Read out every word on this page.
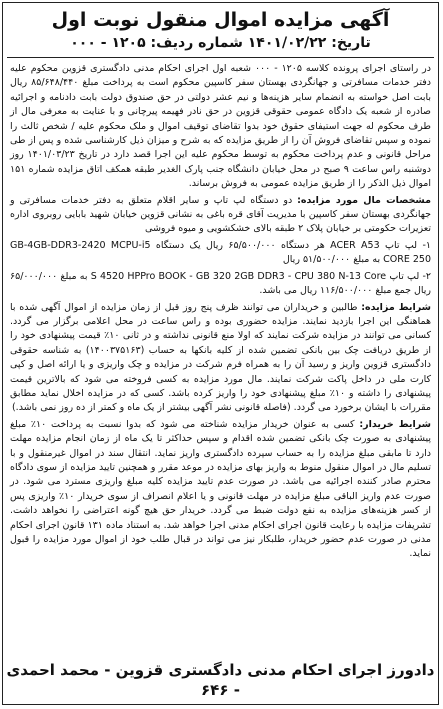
آگهی مزایده اموال منقول نوبت اول
تاریخ: ۱۴۰۱/۰۲/۲۲ شماره ردیف: ۱۲۰۵ - ۰۰۰

در راستای اجرای پرونده کلاسه ۱۲۰۵ - ۰۰۰ شعبه اول اجرای احکام مدنی دادگستری قزوین محکوم علیه دفتر خدمات مسافرتی و جهانگردی بهستان سفر کاسپین محکوم است به پرداخت مبلغ ۸۵/۶۴۸/۴۴۰ ریال بابت اصل خواسته به انضمام سایر هزینه‌ها و نیم عشر دولتی در حق صندوق دولت بابت دادنامه و اجرائیه صادره از شعبه یک دادگاه عمومی حقوقی قزوین در حق نادر فهیمه پیرچانی و با عنایت به معرفی مال از طرف محکوم له جهت استیفای حقوق خود بدوا تقاضای توقیف اموال و ملک محکوم علیه / شخص ثالث را نموده و سپس تقاضای فروش آن را از طریق مزایده که به شرح و میزان ذیل کارشناسی شده و پس از طی مراحل قانونی و عدم پرداخت محکوم به توسط محکوم علیه این اجرا قصد دارد در تاریخ ۱۴۰۱/۰۳/۲۳ روز دوشنبه راس ساعت ۹ صبح در محل خیابان دانشگاه جنب پارک الغدیر طبقه همکف اتاق مزایده شماره ۱۵۱ اموال ذیل الذکر را از طریق مزایده عمومی به فروش برساند.

مشخصات مال مورد مزایده: دو دستگاه لپ تاپ و سایر اقلام متعلق به دفتر خدمات مسافرتی و جهانگردی بهستان سفر کاسپین با مدیریت آقای قره باغی به نشانی قزوین خیابان شهید بابایی روبروی اداره تعزیرات حکومتی بر خیابان پلاک ۲ طبقه بالای خشکشویی و میوه فروشی

۱- لپ تاپ ACER A53 هر دستگاه ۶۵/۵۰۰/۰۰۰ ریال یک دستگاه GB-4GB-DDR3-2420 MCPU-i5 CORE 250 به مبلغ ۵۱/۵۰۰/۰۰۰ ریال

۲- لپ تاپ S 4520 HPPro BOOK - GB 320 2GB DDR3 - CPU 380 N-13 Core به مبلغ ۶۵/۰۰۰/۰۰۰ ریال جمع مبلغ ۱۱۶/۵۰۰/۰۰۰ ریال می باشد.

شرایط مزایده: طالبین و خریداران می توانند ظرف پنج روز قبل از زمان مزایده از اموال آگهی شده با هماهنگی این اجرا بازدید نمایند. مزایده حضوری بوده و راس ساعت در محل اعلامی برگزار می گردد. کسانی می توانند در مزایده شرکت نمایند که اولا منع قانونی نداشته و در ثانی ۱۰٪ قیمت پیشنهادی خود را از طریق دریافت چک بین بانکی تضمین شده از کلیه بانکها به حساب (۱۴۰۰۳۷۵۱۶۳) به شناسه حقوقی دادگستری قزوین واریز و رسید آن را به همراه فرم شرکت در مزایده و چک واریزی و یا ارائه اصل و کپی کارت ملی در داخل پاکت شرکت نمایند. مال مورد مزایده به کسی فروخته می شود که بالاترین قیمت پیشنهادی را داشته و ۱۰٪ مبلغ پیشنهادی خود را واریز کرده باشد. کسی که در مزایده اخلال نماید مطابق مقررات با ایشان برخورد می گردد. (فاصله قانونی نشر آگهی بیشتر از یک ماه و کمتر از ده روز نمی باشد.)

شرایط خریدار: کسی به عنوان خریدار مزایده شناخته می شود که بدوا نسبت به پرداخت ۱۰٪ مبلغ پیشنهادی به صورت چک بانکی تضمین شده اقدام و سپس حداکثر تا یک ماه از زمان انجام مزایده مهلت دارد تا مابقی مبلغ مزایده را به حساب سپرده دادگستری واریز نماید. انتقال سند در اموال غیرمنقول و با تسلیم مال در اموال منقول منوط به واریز بهای مزایده در موعد مقرر و همچنین تایید مزایده از سوی دادگاه محترم صادر کننده اجرائیه می باشد. در صورت عدم تایید مزایده کلیه مبلغ واریزی مسترد می شود. در صورت عدم واریز الباقی مبلغ مزایده در مهلت قانونی و یا اعلام انصراف از سوی خریدار ۱۰٪ واریزی پس از کسر هزینه‌های مزایده به نفع دولت ضبط می گردد. خریدار حق هیچ گونه اعتراضی را نخواهد داشت. تشریفات مزایده با رعایت قانون اجرای احکام مدنی اجرا خواهد شد. به استناد ماده ۱۳۱ قانون اجرای احکام مدنی در صورت عدم حضور خریدار، طلبکار نیز می تواند در قبال طلب خود از اموال مورد مزایده را قبول نماید.

دادورز اجرای احکام مدنی دادگستری قزوین - محمد احمدی - ۶۴۶
